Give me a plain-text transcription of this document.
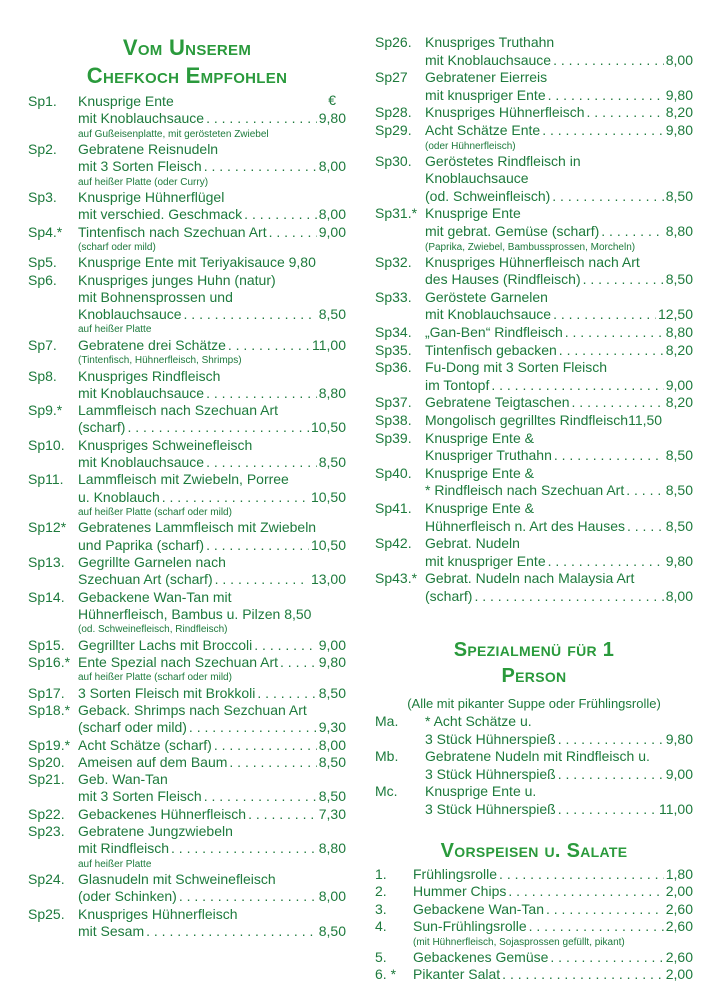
Vom Unserem
Chefkoch Empfohlen
€
Sp1.	Knusprige Ente
mit Knoblauchsauce . . .	9,80
auf Gußeisenplatte, mit gerösteten Zwiebel
Sp2.	Gebratene Reisnudeln
mit 3 Sorten Fleisch . . .	8,00
auf heißer Platte (oder Curry)
Sp3.	Knusprige Hühnerflügel
mit verschied. Geschmack . . .	8,00
Sp4.*	Tintenfisch nach Szechuan Art . . .	9,00
(scharf oder mild)
Sp5.	Knusprige Ente mit Teriyakisauce 9,80
Sp6.	Knuspriges junges Huhn (natur)
mit Bohnensprossen und
Knoblauchsauce . . .	8,50
auf heißer Platte
Sp7.	Gebratene drei Schätze . . .	11,00
(Tintenfisch, Hühnerfleisch, Shrimps)
Sp8.	Knuspriges Rindfleisch
mit Knoblauchsauce . . .	8,80
Sp9.*	Lammfleisch nach Szechuan Art
(scharf) . . .	10,50
Sp10. Knuspriges Schweinefleisch
mit Knoblauchsauce . . .	8,50
Sp11.	Lammfleisch mit Zwiebeln, Porree
u. Knoblauch . . .	10,50
auf heißer Platte (scharf oder mild)
Sp12* Gebratenes Lammfleisch mit Zwiebeln
und Paprika (scharf) . . .	10,50
Sp13. Gegrillte Garnelen nach
Szechuan Art (scharf) . . .	13,00
Sp14. Gebackene Wan-Tan mit
Hühnerfleisch, Bambus u. Pilzen 8,50
(od. Schweinefleisch, Rindfleisch)
Sp15. Gegrillter Lachs mit Broccoli . . .	9,00
Sp16.* Ente Spezial nach Szechuan Art . . .	9,80
auf heißer Platte (scharf oder mild)
Sp17. 3 Sorten Fleisch mit Brokkoli . . .	8,50
Sp18.* Geback. Shrimps nach Sezchuan Art
(scharf oder mild) . . .	9,30
Sp19.* Acht Schätze (scharf) . . .	8,00
Sp20. Ameisen auf dem Baum . . .	8,50
Sp21. Geb. Wan-Tan
mit 3 Sorten Fleisch . . .	8,50
Sp22. Gebackenes Hühnerfleisch . . .	7,30
Sp23. Gebratene Jungzwiebeln
mit Rindfleisch . . .	8,80
auf heißer Platte
Sp24. Glasnudeln mit Schweinefleisch
(oder Schinken) . . .	8,00
Sp25. Knuspriges Hühnerfleisch
mit Sesam . . .	8,50
Sp26. Knuspriges Truthahn
mit Knoblauchsauce . . .	8,00
Sp27	Gebratener Eierreis
mit knuspriger Ente . . .	9,80
Sp28. Knuspriges Hühnerfleisch . . .	8,20
Sp29. Acht Schätze Ente . . .	9,80
(oder Hühnerfleisch)
Sp30. Geröstetes Rindfleisch in
Knoblauchsauce
(od. Schweinfleisch) . . .	8,50
Sp31.* Knusprige Ente
mit gebrat. Gemüse (scharf) . . .	8,80
(Paprika, Zwiebel, Bambussprossen, Morcheln)
Sp32. Knuspriges Hühnerfleisch nach Art
des Hauses (Rindfleisch) . . .	8,50
Sp33. Geröstete Garnelen
mit Knoblauchsauce . . .	12,50
Sp34. „Gan-Ben“ Rindfleisch . . .	8,80
Sp35. Tintenfisch gebacken . . .	8,20
Sp36. Fu-Dong mit 3 Sorten Fleisch
im Tontopf . . .	9,00
Sp37. Gebratene Teigtaschen . . .	8,20
Sp38. Mongolisch gegrilltes Rindfleisch11,50
Sp39. Knusprige Ente &
Knuspriger Truthahn . . .	8,50
Sp40. Knusprige Ente &
* Rindfleisch nach Szechuan Art . . .	8,50
Sp41. Knusprige Ente &
Hühnerfleisch n. Art des Hauses . . .	8,50
Sp42. Gebrat. Nudeln
mit knuspriger Ente . . .	9,80
Sp43.* Gebrat. Nudeln nach Malaysia Art
(scharf) . . .	8,00
Spezialmenü für 1
Person
(Alle mit pikanter Suppe oder Frühlingsrolle)
Ma.	* Acht Schätze u.
3 Stück Hühnerspieß . . .	9,80
Mb.	Gebratene Nudeln mit Rindfleisch u.
3 Stück Hühnerspieß . . .	9,00
Mc.	Knusprige Ente u.
3 Stück Hühnerspieß . . .	11,00
Vorspeisen u. Salate
1.	Frühlingsrolle . . .	1,80
2.	Hummer Chips . . .	2,00
3.	Gebackene Wan-Tan . . .	2,60
4.	Sun-Frühlingsrolle . . .	2,60
(mit Hühnerfleisch, Sojasprossen gefüllt, pikant)
5.	Gebackenes Gemüse . . .	2,60
6. *	Pikanter Salat . . .	2,00
